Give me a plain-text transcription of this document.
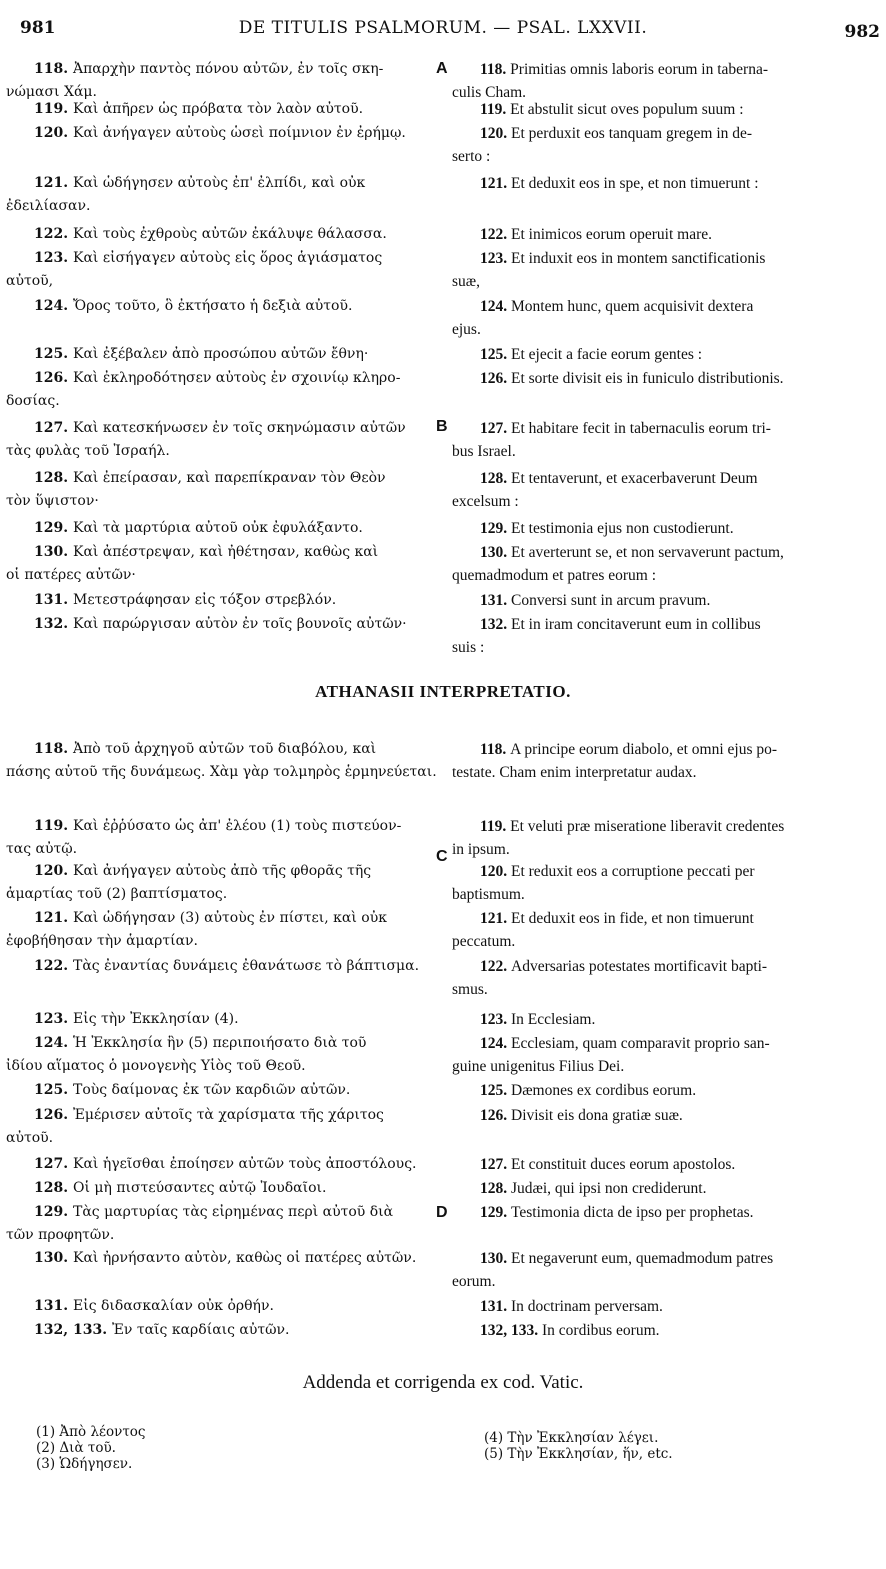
981	DE TITULIS PSALMORUM. — PSAL. LXXVII.	982
118. Ἀπαρχὴν παντὸς πόνου αὐτῶν, ἐν τοῖς σκη-
νώμασι Χάμ.
119. Καὶ ἀπῆρεν ὡς πρόβατα τὸν λαὸν αὐτοῦ.
120. Καὶ ἀνήγαγεν αὐτοὺς ὡσεὶ ποίμνιον ἐν ἐρήμῳ.
121. Καὶ ὡδήγησεν αὐτοὺς ἐπ' ἐλπίδι, καὶ οὐκ
ἐδειλίασαν.
122. Καὶ τοὺς ἐχθροὺς αὐτῶν ἐκάλυψε θάλασσα.
123. Καὶ εἰσήγαγεν αὐτοὺς εἰς ὅρος ἁγιάσματος
αὐτοῦ,
124. Ὄρος τοῦτο, ὃ ἐκτήσατο ἡ δεξιὰ αὐτοῦ.
125. Καὶ ἐξέβαλεν ἀπὸ προσώπου αὐτῶν ἔθνη·
126. Καὶ ἐκληροδότησεν αὐτοὺς ἐν σχοινίῳ κληρο-
δοσίας.
127. Καὶ κατεσκήνωσεν ἐν τοῖς σκηνώμασιν αὐτῶν
τὰς φυλὰς τοῦ Ἰσραήλ.
128. Καὶ ἐπείρασαν, καὶ παρεπίκραναν τὸν Θεὸν
τὸν ὕψιστον·
129. Καὶ τὰ μαρτύρια αὐτοῦ οὐκ ἐφυλάξαντο.
130. Καὶ ἀπέστρεψαν, καὶ ἠθέτησαν, καθὼς καὶ
οἱ πατέρες αὐτῶν·
131. Μετεστράφησαν εἰς τόξον στρεβλόν.
132. Καὶ παρώργισαν αὐτὸν ἐν τοῖς βουνοῖς αὐτῶν·
118. Primitias omnis laboris eorum in taberna-
culis Cham.
119. Et abstulit sicut oves populum suum :
120. Et perduxit eos tanquam gregem in de-
serto :
121. Et deduxit eos in spe, et non timuerunt :
122. Et inimicos eorum operuit mare.
123. Et induxit eos in montem sanctificationis
suæ,
124. Montem hunc, quem acquisivit dextera
ejus.
125. Et ejecit a facie eorum gentes :
126. Et sorte divisit eis in funiculo distributionis.
127. Et habitare fecit in tabernaculis eorum tri-
bus Israel.
128. Et tentaverunt, et exacerbaverunt Deum
excelsum :
129. Et testimonia ejus non custodierunt.
130. Et averterunt se, et non servaverunt pactum,
quemadmodum et patres eorum :
131. Conversi sunt in arcum pravum.
132. Et in iram concitaverunt eum in collibus
suis :
ATHANASII INTERPRETATIO.
118. Ἀπὸ τοῦ ἀρχηγοῦ αὐτῶν τοῦ διαβόλου, καὶ
πάσης αὐτοῦ τῆς δυνάμεως. Χὰμ γὰρ τολμηρὸς ἑρμηνεύεται.
119. Καὶ ἐῤῥύσατο ὡς ἀπ' ἐλέου (1) τοὺς πιστεύον-
τας αὐτῷ.
120. Καὶ ἀνήγαγεν αὐτοὺς ἀπὸ τῆς φθορᾶς τῆς
ἁμαρτίας τοῦ (2) βαπτίσματος.
121. Καὶ ὡδήγησαν (3) αὐτοὺς ἐν πίστει, καὶ οὐκ
ἐφοβήθησαν τὴν ἁμαρτίαν.
122. Τὰς ἐναντίας δυνάμεις ἐθανάτωσε τὸ βάπτισμα.
123. Εἰς τὴν Ἐκκλησίαν (4).
124. Ἡ Ἐκκλησία ἣν (5) περιποιήσατο διὰ τοῦ
ἰδίου αἵματος ὁ μονογενὴς Υἱὸς τοῦ Θεοῦ.
125. Τοὺς δαίμονας ἐκ τῶν καρδιῶν αὐτῶν.
126. Ἐμέρισεν αὐτοῖς τὰ χαρίσματα τῆς χάριτος
αὐτοῦ.
127. Καὶ ἡγεῖσθαι ἐποίησεν αὐτῶν τοὺς ἀποστόλους.
128. Οἱ μὴ πιστεύσαντες αὐτῷ Ἰουδαῖοι.
129. Τὰς μαρτυρίας τὰς εἰρημένας περὶ αὐτοῦ διὰ
τῶν προφητῶν.
130. Καὶ ἠρνήσαντο αὐτὸν, καθὼς οἱ πατέρες αὐτῶν.
131. Εἰς διδασκαλίαν οὐκ ὀρθήν.
132, 133. Ἐν ταῖς καρδίαις αὐτῶν.
118. A principe eorum diabolo, et omni ejus po-
testate. Cham enim interpretatur audax.
119. Et veluti præ miseratione liberavit credentes
in ipsum.
120. Et reduxit eos a corruptione peccati per
baptismum.
121. Et deduxit eos in fide, et non timuerunt
peccatum.
122. Adversarias potestates mortificavit bapti-
smus.
123. In Ecclesiam.
124. Ecclesiam, quam comparavit proprio san-
guine unigenitus Filius Dei.
125. Dæmones ex cordibus eorum.
126. Divisit eis dona gratiæ suæ.
127. Et constituit duces eorum apostolos.
128. Judæi, qui ipsi non crediderunt.
129. Testimonia dicta de ipso per prophetas.
130. Et negaverunt eum, quemadmodum patres
eorum.
131. In doctrinam perversam.
132, 133. In cordibus eorum.
Addenda et corrigenda ex cod. Vatic.
(1) Ἀπὸ λέοντος
(2) Διὰ τοῦ.
(3) Ὡδήγησεν.
(4) Τὴν Ἐκκλησίαν λέγει.
(5) Τὴν Ἐκκλησίαν, ἥν, etc.
A
B
C
D
